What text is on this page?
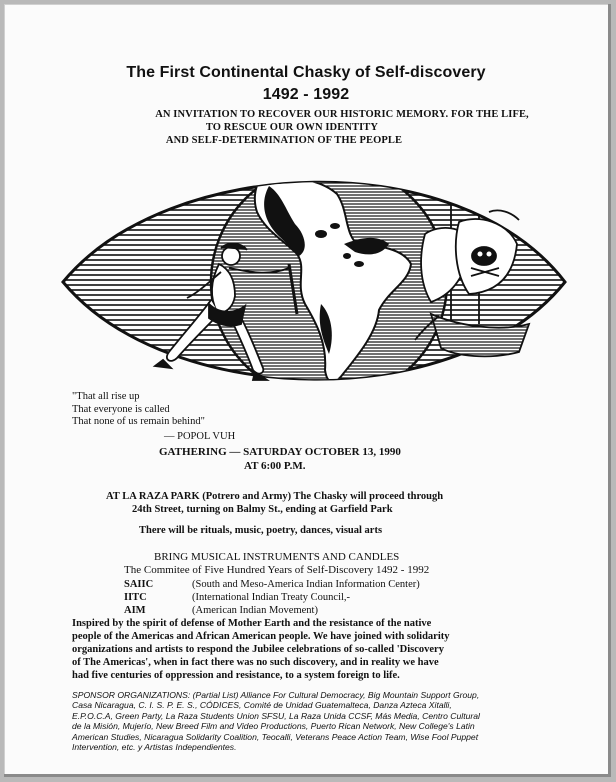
The First Continental Chasky of Self-discovery
1492 - 1992
AN INVITATION TO RECOVER OUR HISTORIC MEMORY. FOR THE LIFE,
TO RESCUE OUR OWN IDENTITY
AND SELF-DETERMINATION OF THE PEOPLE
"That all rise up
That everyone is called
That none of us remain behind"
— POPOL VUH
GATHERING — SATURDAY OCTOBER 13, 1990
AT 6:00 P.M.
AT LA RAZA PARK (Potrero and Army) The Chasky will proceed through
24th Street, turning on Balmy St., ending at Garfield Park
There will be rituals, music, poetry, dances, visual arts
BRING MUSICAL INSTRUMENTS AND CANDLES
The Commitee of Five Hundred Years of Self-Discovery 1492 - 1992
SAIIC	(South and Meso-America Indian Information Center)
IITC	(International Indian Treaty Council,-
AIM	(American Indian Movement)
Inspired by the spirit of defense of Mother Earth and the resistance of the native
people of the Americas and African American people. We have joined with solidarity
organizations and artists to respond the Jubilee celebrations of so-called 'Discovery
of The Americas', when in fact there was no such discovery, and in reality we have
had five centuries of oppression and resistance, to a system foreign to life.
SPONSOR ORGANIZATIONS: (Partial List) Alliance For Cultural Democracy, Big Mountain Support Group,
Casa Nicaragua, C. I. S. P. E. S., CÓDICES, Comité de Unidad Guatemalteca, Danza Azteca Xitalli,
E.P.O.C.A, Green Party, La Raza Students Union SFSU, La Raza Unida CCSF, Más Media, Centro Cultural
de la Misión, Mujerío, New Breed Film and Video Productions, Puerto Rican Network, New College's Latin
American Studies, Nicaragua Solidarity Coalition, Teocalli, Veterans Peace Action Team, Wise Fool Puppet
Intervention, etc. y Artistas Independientes.
